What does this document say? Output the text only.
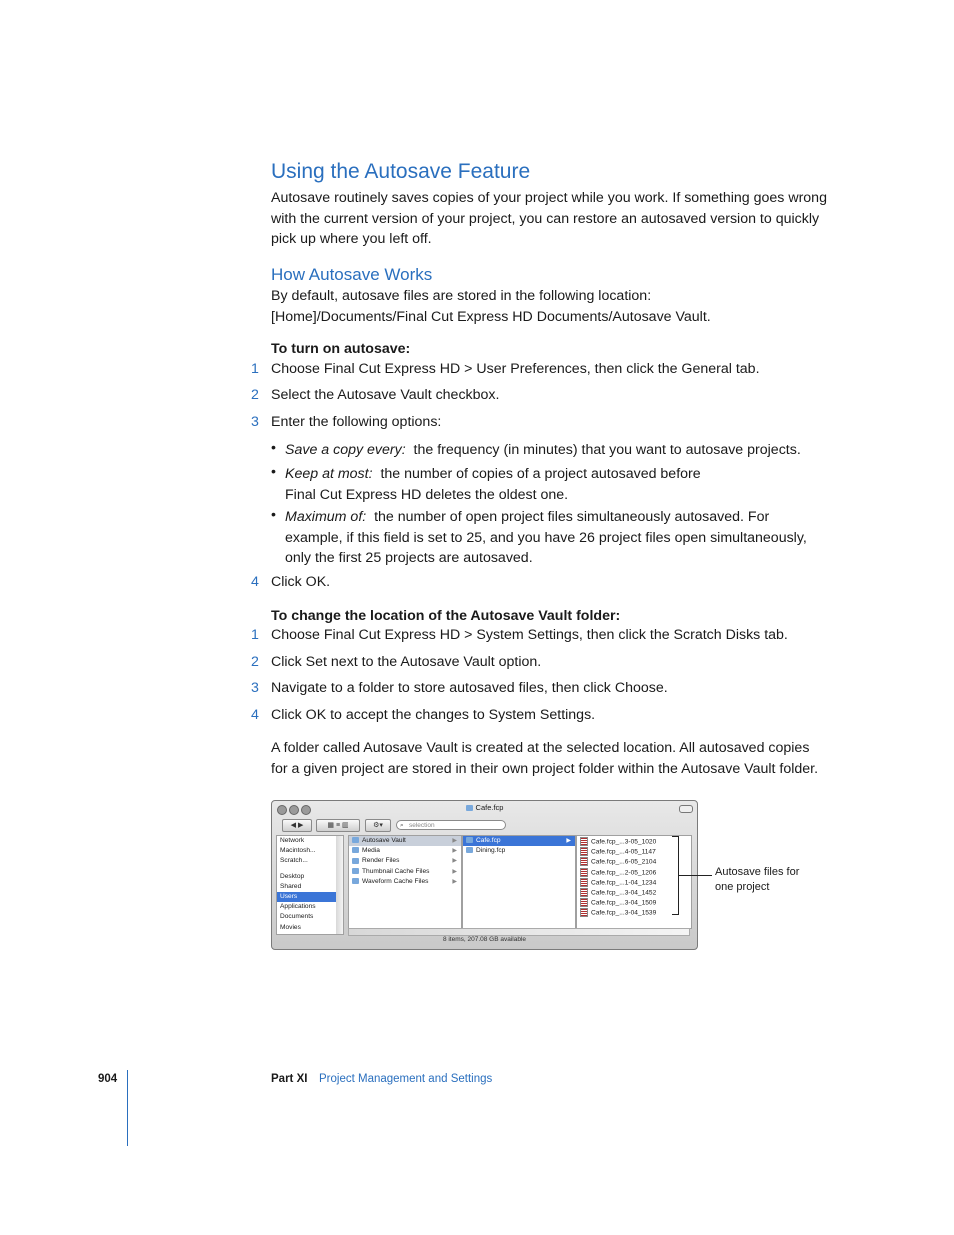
Using the Autosave Feature
Autosave routinely saves copies of your project while you work. If something goes wrong with the current version of your project, you can restore an autosaved version to quickly pick up where you left off.
How Autosave Works
By default, autosave files are stored in the following location:
[Home]/Documents/Final Cut Express HD Documents/Autosave Vault.
To turn on autosave:
1 Choose Final Cut Express HD > User Preferences, then click the General tab.
2 Select the Autosave Vault checkbox.
3 Enter the following options:
• Save a copy every: the frequency (in minutes) that you want to autosave projects.
• Keep at most: the number of copies of a project autosaved before
Final Cut Express HD deletes the oldest one.
• Maximum of: the number of open project files simultaneously autosaved. For example, if this field is set to 25, and you have 26 project files open simultaneously, only the first 25 projects are autosaved.
4 Click OK.
To change the location of the Autosave Vault folder:
1 Choose Final Cut Express HD > System Settings, then click the Scratch Disks tab.
2 Click Set next to the Autosave Vault option.
3 Navigate to a folder to store autosaved files, then click Choose.
4 Click OK to accept the changes to System Settings.
A folder called Autosave Vault is created at the selected location. All autosaved copies for a given project are stored in their own project folder within the Autosave Vault folder.
Cafe.fcp
◀ ▶	▦ ≡ ▥	⚙▾	⌕ selection
Network
Macintosh...
Scratch...
Desktop
Shared
Users
Applications
Documents
Movies
Autosave Vault	▶
Media	▶
Render Files	▶
Thumbnail Cache Files	▶
Waveform Cache Files	▶
Cafe.fcp	▶
Dining.fcp
Cafe.fcp_...3-05_1020
Cafe.fcp_...4-05_1147
Cafe.fcp_...6-05_2104
Cafe.fcp_...2-05_1206
Cafe.fcp_...1-04_1234
Cafe.fcp_...3-04_1452
Cafe.fcp_...3-04_1509
Cafe.fcp_...3-04_1539
8 items, 207.08 GB available
Autosave files for one project
904	Part XI Project Management and Settings
